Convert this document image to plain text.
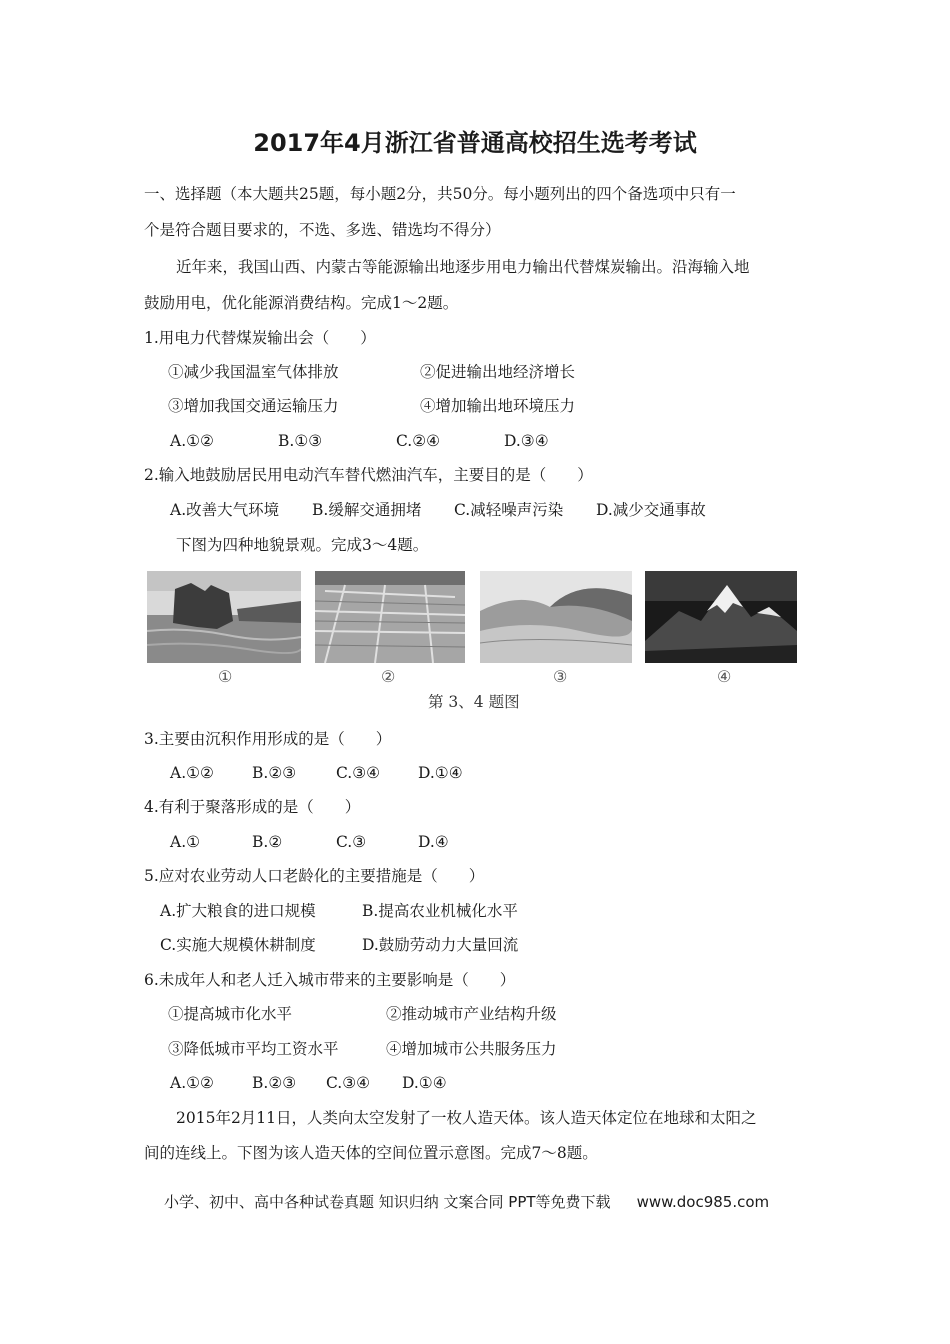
2017年4月浙江省普通高校招生选考考试
一、选择题（本大题共25题，每小题2分，共50分。每小题列出的四个备选项中只有一
个是符合题目要求的，不选、多选、错选均不得分）
近年来，我国山西、内蒙古等能源输出地逐步用电力输出代替煤炭输出。沿海输入地
鼓励用电，优化能源消费结构。完成1～2题。
1.用电力代替煤炭输出会（　　）
①减少我国温室气体排放	②促进输出地经济增长
③增加我国交通运输压力	④增加输出地环境压力
A.①②	B.①③	C.②④	D.③④
2.输入地鼓励居民用电动汽车替代燃油汽车，主要目的是（　　）
A.改善大气环境 B.缓解交通拥堵 C.减轻噪声污染 D.减少交通事故
下图为四种地貌景观。完成3～4题。
①	②	③	④
第 3、4 题图
3.主要由沉积作用形成的是（　　）
A.①② B.②③	C.③④ D.①④
4.有利于聚落形成的是（　　）
A.①	B.②	C.③	D.④
5.应对农业劳动人口老龄化的主要措施是（　　）
A.扩大粮食的进口规模	B.提高农业机械化水平
C.实施大规模休耕制度	D.鼓励劳动力大量回流
6.未成年人和老人迁入城市带来的主要影响是（　　）
①提高城市化水平	②推动城市产业结构升级
③降低城市平均工资水平	④增加城市公共服务压力
A.①② B.②③ C.③④ D.①④
2015年2月11日，人类向太空发射了一枚人造天体。该人造天体定位在地球和太阳之
间的连线上。下图为该人造天体的空间位置示意图。完成7～8题。
小学、初中、高中各种试卷真题 知识归纳 文案合同 PPT等免费下载 www.doc985.com
